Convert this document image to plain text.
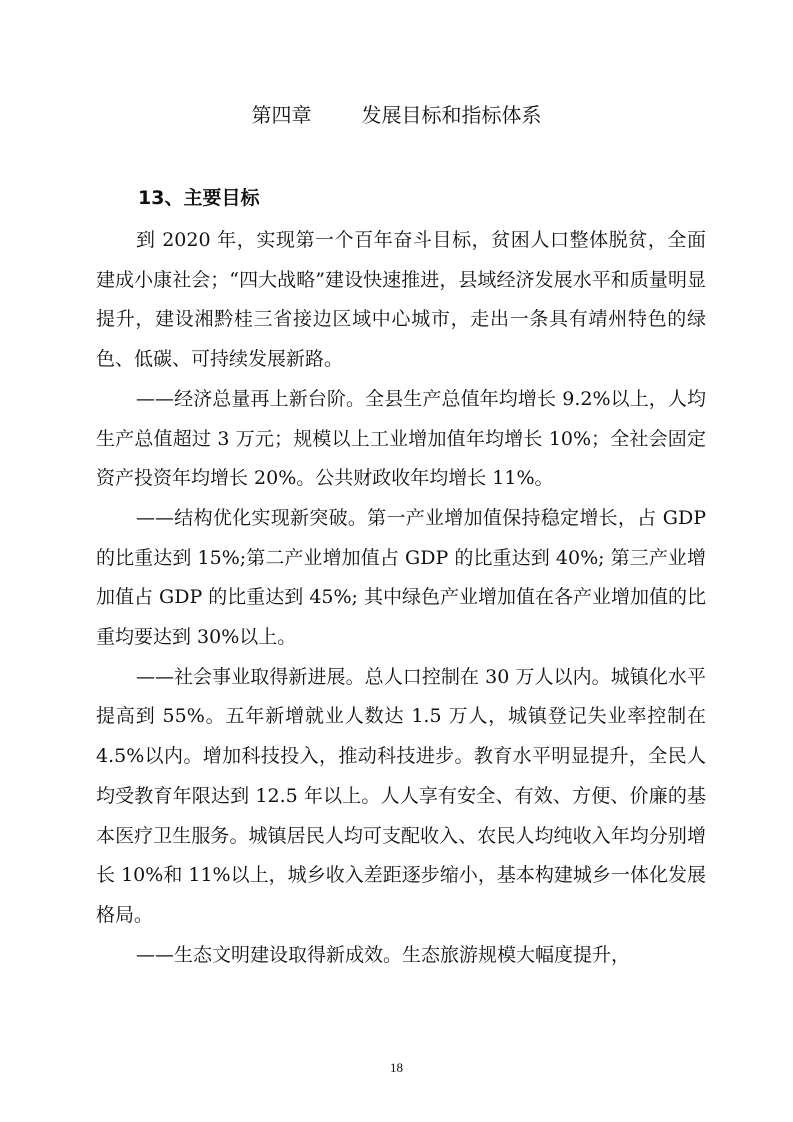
第四章	发展目标和指标体系
13、主要目标

到 2020 年，实现第一个百年奋斗目标，贫困人口整体脱贫，全面建成小康社会；“四大战略”建设快速推进，县域经济发展水平和质量明显提升，建设湘黔桂三省接边区域中心城市，走出一条具有靖州特色的绿色、低碳、可持续发展新路。

——经济总量再上新台阶。全县生产总值年均增长 9.2%以上，人均生产总值超过 3 万元；规模以上工业增加值年均增长 10%；全社会固定资产投资年均增长 20%。公共财政收年均增长 11%。

——结构优化实现新突破。第一产业增加值保持稳定增长，占 GDP 的比重达到 15%;第二产业增加值占 GDP 的比重达到 40%; 第三产业增加值占 GDP 的比重达到 45%; 其中绿色产业增加值在各产业增加值的比重均要达到 30%以上。

——社会事业取得新进展。总人口控制在 30 万人以内。城镇化水平提高到 55%。五年新增就业人数达 1.5 万人，城镇登记失业率控制在 4.5%以内。增加科技投入，推动科技进步。教育水平明显提升，全民人均受教育年限达到 12.5 年以上。人人享有安全、有效、方便、价廉的基本医疗卫生服务。城镇居民人均可支配收入、农民人均纯收入年均分别增长 10%和 11%以上，城乡收入差距逐步缩小，基本构建城乡一体化发展格局。

——生态文明建设取得新成效。生态旅游规模大幅度提升，

18
